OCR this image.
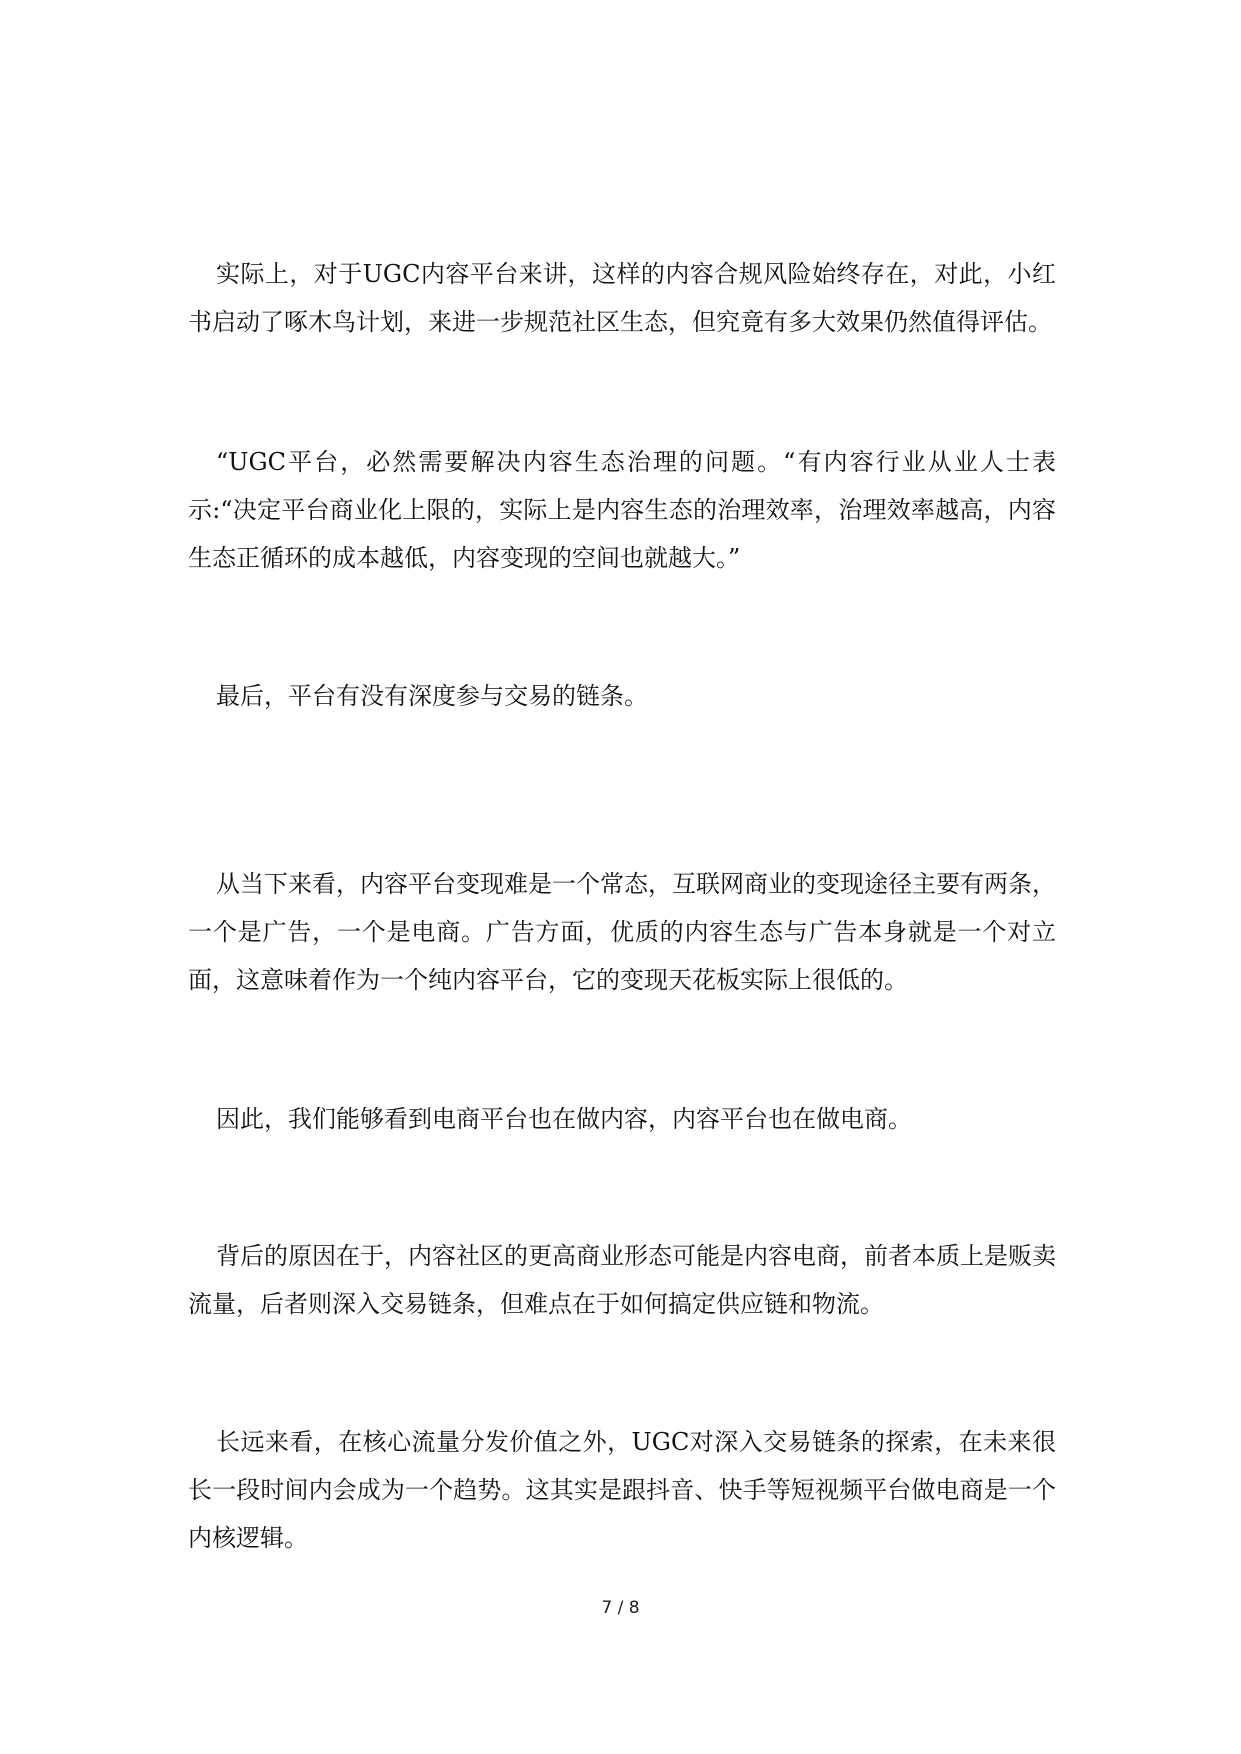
实际上，对于UGC内容平台来讲，这样的内容合规风险始终存在，对此，小红书启动了啄木鸟计划，来进一步规范社区生态，但究竟有多大效果仍然值得评估。

“UGC平台，必然需要解决内容生态治理的问题。“有内容行业从业人士表示:“决定平台商业化上限的，实际上是内容生态的治理效率，治理效率越高，内容生态正循环的成本越低，内容变现的空间也就越大。”

最后，平台有没有深度参与交易的链条。

从当下来看，内容平台变现难是一个常态，互联网商业的变现途径主要有两条，一个是广告，一个是电商。广告方面，优质的内容生态与广告本身就是一个对立面，这意味着作为一个纯内容平台，它的变现天花板实际上很低的。

因此，我们能够看到电商平台也在做内容，内容平台也在做电商。

背后的原因在于，内容社区的更高商业形态可能是内容电商，前者本质上是贩卖流量，后者则深入交易链条，但难点在于如何搞定供应链和物流。

长远来看，在核心流量分发价值之外，UGC对深入交易链条的探索，在未来很长一段时间内会成为一个趋势。这其实是跟抖音、快手等短视频平台做电商是一个内核逻辑。

7 / 8
